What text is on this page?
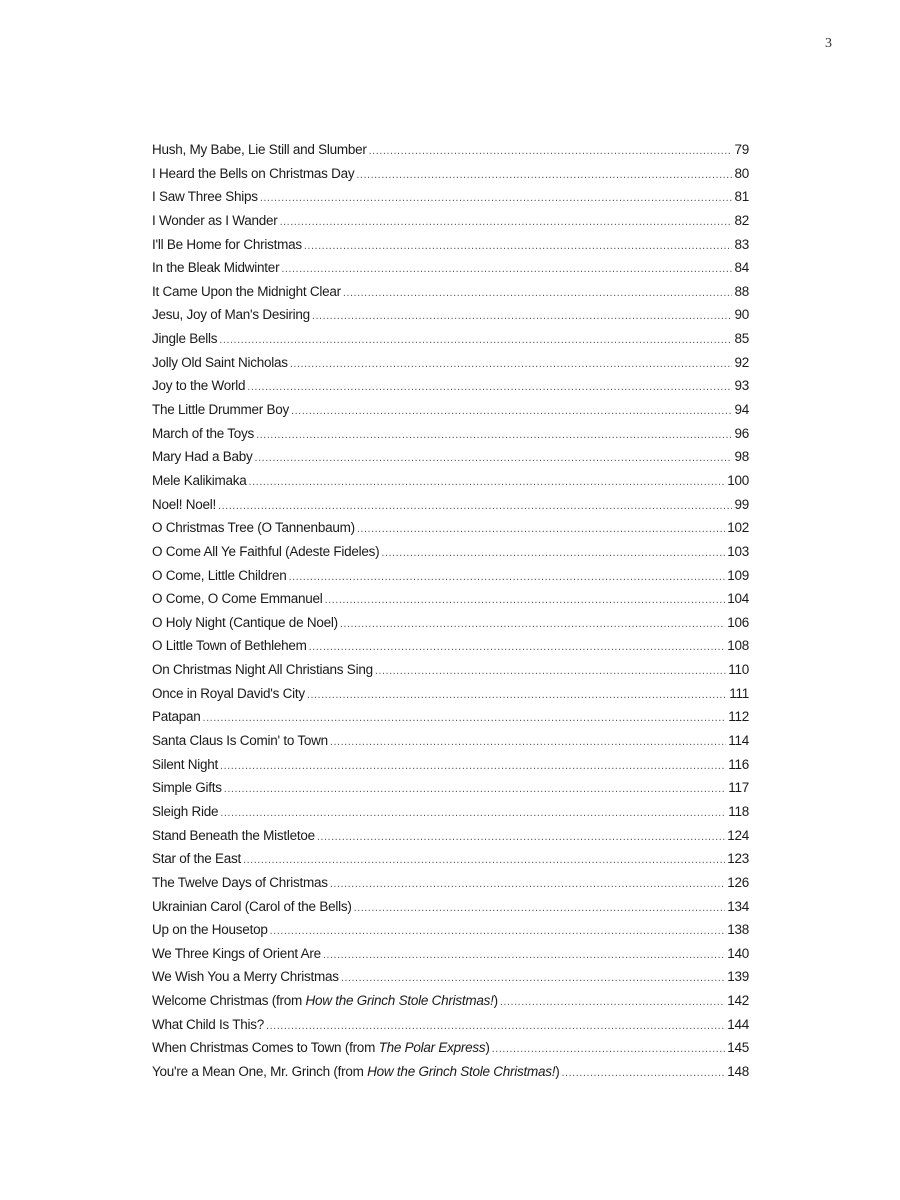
3
Hush, My Babe, Lie Still and Slumber .....	79
I Heard the Bells on Christmas Day .....	80
I Saw Three Ships .....	81
I Wonder as I Wander .....	82
I'll Be Home for Christmas .....	83
In the Bleak Midwinter .....	84
It Came Upon the Midnight Clear .....	88
Jesu, Joy of Man's Desiring .....	90
Jingle Bells .....	85
Jolly Old Saint Nicholas .....	92
Joy to the World .....	93
The Little Drummer Boy .....	94
March of the Toys .....	96
Mary Had a Baby .....	98
Mele Kalikimaka .....	100
Noel! Noel! .....	99
O Christmas Tree (O Tannenbaum) .....	102
O Come All Ye Faithful (Adeste Fideles) .....	103
O Come, Little Children .....	109
O Come, O Come Emmanuel .....	104
O Holy Night (Cantique de Noel) .....	106
O Little Town of Bethlehem .....	108
On Christmas Night All Christians Sing .....	110
Once in Royal David's City .....	111
Patapan .....	112
Santa Claus Is Comin' to Town .....	114
Silent Night .....	116
Simple Gifts .....	117
Sleigh Ride .....	118
Stand Beneath the Mistletoe .....	124
Star of the East .....	123
The Twelve Days of Christmas .....	126
Ukrainian Carol (Carol of the Bells) .....	134
Up on the Housetop .....	138
We Three Kings of Orient Are .....	140
We Wish You a Merry Christmas .....	139
Welcome Christmas (from How the Grinch Stole Christmas!) .....	142
What Child Is This? .....	144
When Christmas Comes to Town (from The Polar Express) .....	145
You're a Mean One, Mr. Grinch (from How the Grinch Stole Christmas!) .....	148
